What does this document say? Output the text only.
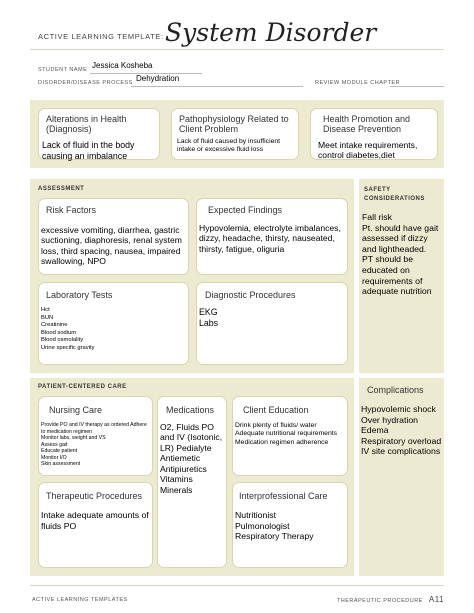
ACTIVE LEARNING TEMPLATE: System Disorder
STUDENT NAME Jessica Kosheba
DISORDER/DISEASE PROCESS Dehydration	REVIEW MODULE CHAPTER
Alterations in Health (Diagnosis)
Lack of fluid in the body causing an imbalance
Pathophysiology Related to Client Problem
Lack of fluid caused by insufficient intake or excessive fluid loss
Health Promotion and Disease Prevention
Meet intake requirements, control diabetes,diet
ASSESSMENT
Risk Factors
excessive vomiting, diarrhea, gastric suctioning, diaphoresis, renal system loss, third spacing, nausea, impaired swallowing, NPO
Expected Findings
Hypovolemia, electrolyte imbalances, dizzy, headache, thirsty, nauseated, thirsty, fatigue, oliguria
Laboratory Tests
Hct
BUN
Creatinine
Blood sodium
Blood osmolality
Urine specific gravity
Diagnostic Procedures
EKG
Labs
SAFETY CONSIDERATIONS
Fall risk
Pt. should have gait assessed if dizzy and lightheaded.
PT should be educated on requirements of adequate nutrition
PATIENT-CENTERED CARE
Nursing Care
Provide PO and IV therapy as ordered Adhere to medication regimen
Monitor labs, weight and VS
Assess gait
Educate patient
Monitor I/O
Skin assessment
Medications
O2, Fluids PO and IV (Isotonic, LR) Pedialyte Antiemetic Antipiuretics Vitamins Minerals
Client Education
Drink plenty of fluids/ water
Adequate nutritional requirements
Medication regimen adherence
Therapeutic Procedures
Intake adequate amounts of fluids PO
Interprofessional Care
Nutritionist
Pulmonologist
Respiratory Therapy
Complications
Hypovolemic shock
Over hydration
Edema
Respiratory overload
IV site complications
ACTIVE LEARNING TEMPLATES	THERAPEUTIC PROCEDURE A11
